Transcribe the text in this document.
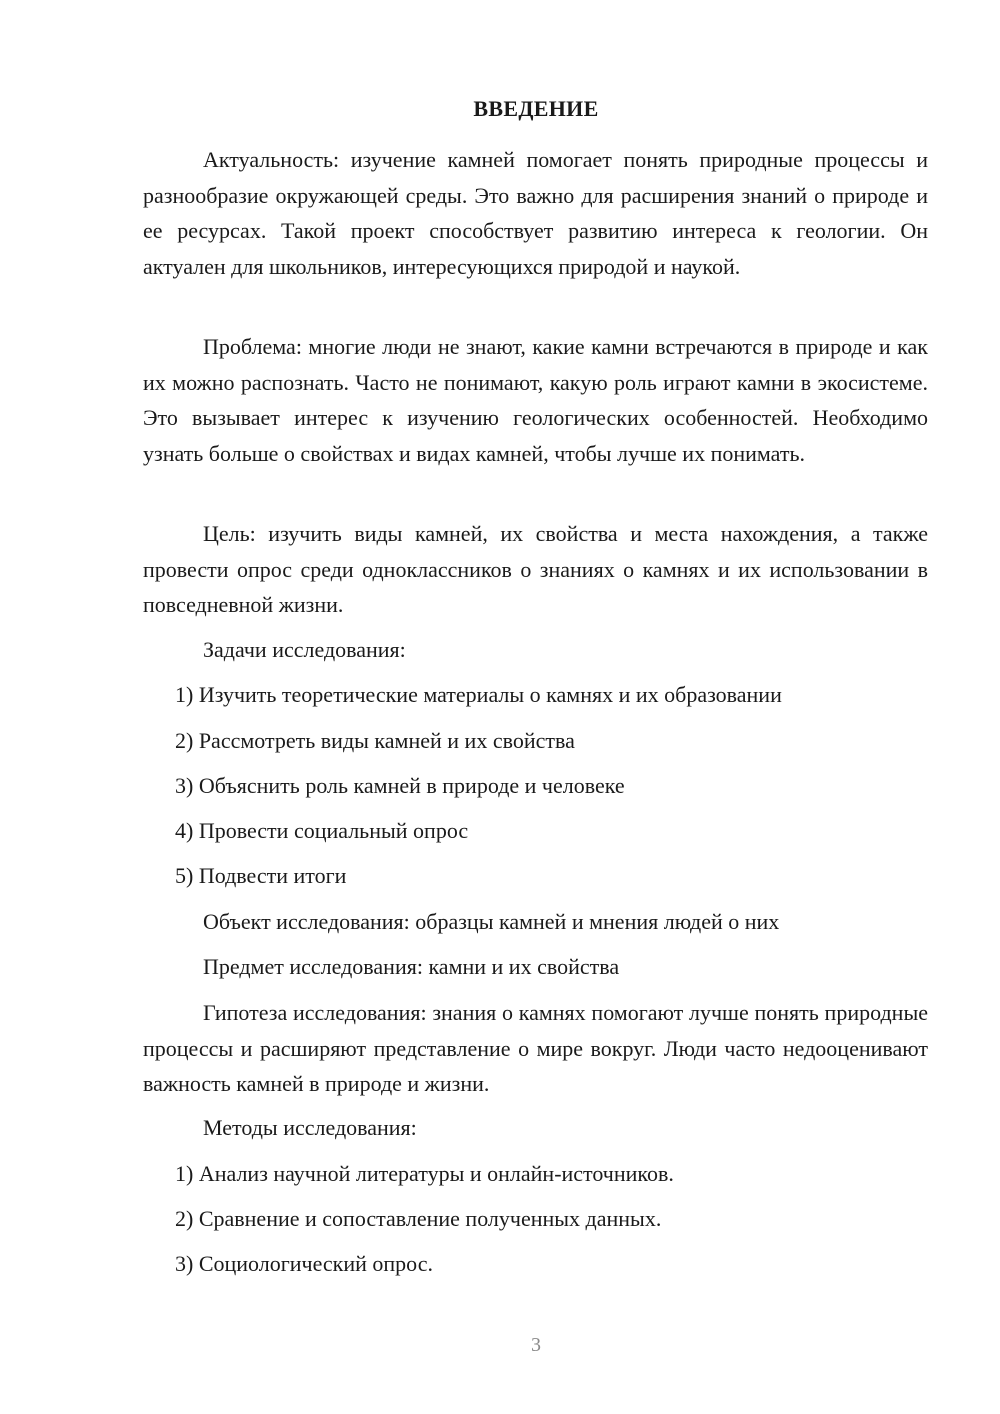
ВВЕДЕНИЕ

Актуальность: изучение камней помогает понять природные процессы и разнообразие окружающей среды. Это важно для расширения знаний о природе и ее ресурсах. Такой проект способствует развитию интереса к геологии. Он актуален для школьников, интересующихся природой и наукой.

Проблема: многие люди не знают, какие камни встречаются в природе и как их можно распознать. Часто не понимают, какую роль играют камни в экосистеме. Это вызывает интерес к изучению геологических особенностей. Необходимо узнать больше о свойствах и видах камней, чтобы лучше их понимать.

Цель: изучить виды камней, их свойства и места нахождения, а также провести опрос среди одноклассников о знаниях о камнях и их использовании в повседневной жизни.

Задачи исследования:

1) Изучить теоретические материалы о камнях и их образовании

2) Рассмотреть виды камней и их свойства

3) Объяснить роль камней в природе и человеке

4) Провести социальный опрос

5) Подвести итоги

Объект исследования: образцы камней и мнения людей о них

Предмет исследования: камни и их свойства

Гипотеза исследования: знания о камнях помогают лучше понять природные процессы и расширяют представление о мире вокруг. Люди часто недооценивают важность камней в природе и жизни.

Методы исследования:

1) Анализ научной литературы и онлайн-источников.

2) Сравнение и сопоставление полученных данных.

3) Социологический опрос.

3
